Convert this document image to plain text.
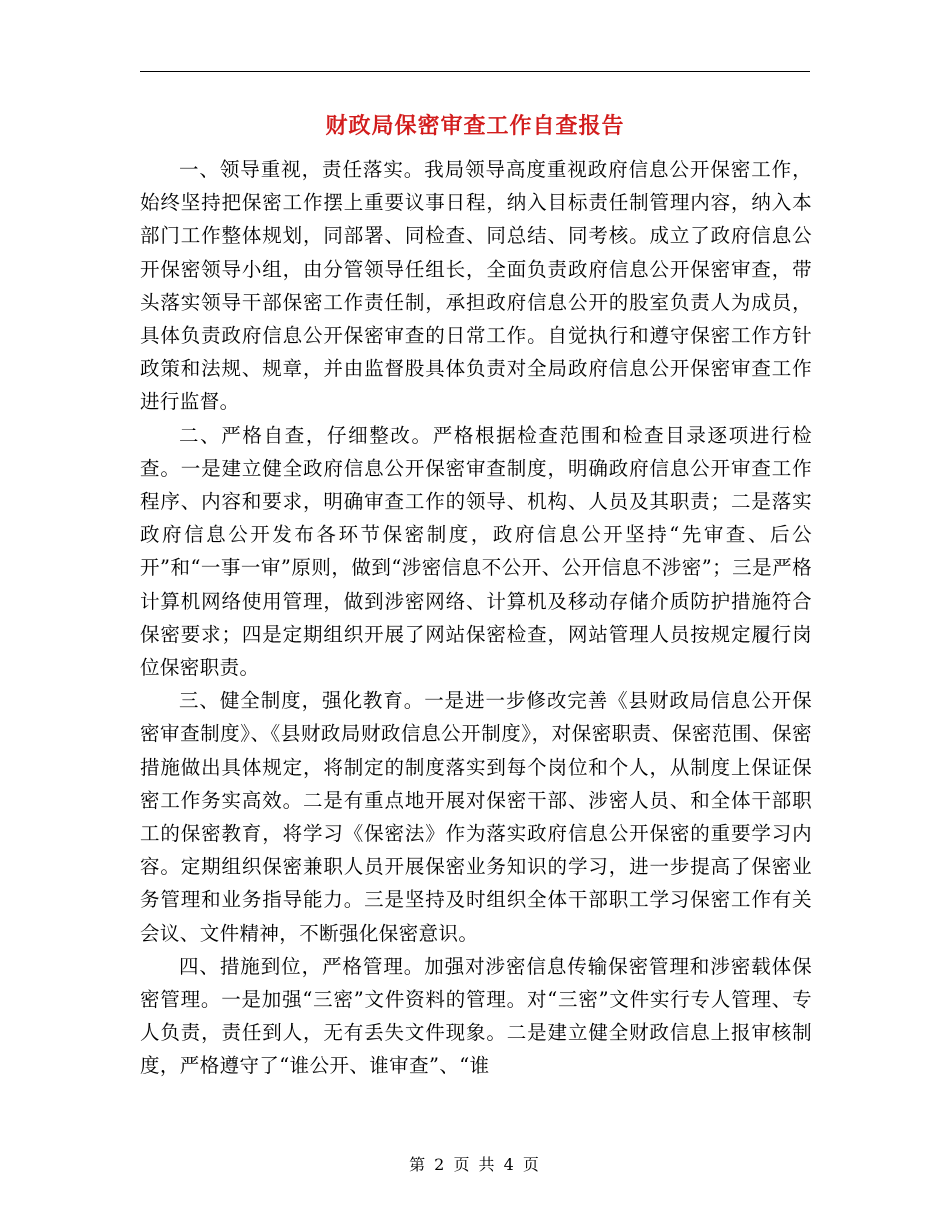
财政局保密审查工作自查报告

一、领导重视，责任落实。我局领导高度重视政府信息公开保密工作，始终坚持把保密工作摆上重要议事日程，纳入目标责任制管理内容，纳入本部门工作整体规划，同部署、同检查、同总结、同考核。成立了政府信息公开保密领导小组，由分管领导任组长，全面负责政府信息公开保密审查，带头落实领导干部保密工作责任制，承担政府信息公开的股室负责人为成员，具体负责政府信息公开保密审查的日常工作。自觉执行和遵守保密工作方针政策和法规、规章，并由监督股具体负责对全局政府信息公开保密审查工作进行监督。

二、严格自查，仔细整改。严格根据检查范围和检查目录逐项进行检查。一是建立健全政府信息公开保密审查制度，明确政府信息公开审查工作程序、内容和要求，明确审查工作的领导、机构、人员及其职责；二是落实政府信息公开发布各环节保密制度，政府信息公开坚持“先审查、后公开”和“一事一审”原则，做到“涉密信息不公开、公开信息不涉密”；三是严格计算机网络使用管理，做到涉密网络、计算机及移动存储介质防护措施符合保密要求；四是定期组织开展了网站保密检查，网站管理人员按规定履行岗位保密职责。

三、健全制度，强化教育。一是进一步修改完善《县财政局信息公开保密审查制度》、《县财政局财政信息公开制度》，对保密职责、保密范围、保密措施做出具体规定，将制定的制度落实到每个岗位和个人，从制度上保证保密工作务实高效。二是有重点地开展对保密干部、涉密人员、和全体干部职工的保密教育，将学习《保密法》作为落实政府信息公开保密的重要学习内容。定期组织保密兼职人员开展保密业务知识的学习，进一步提高了保密业务管理和业务指导能力。三是坚持及时组织全体干部职工学习保密工作有关会议、文件精神，不断强化保密意识。

四、措施到位，严格管理。加强对涉密信息传输保密管理和涉密载体保密管理。一是加强“三密”文件资料的管理。对“三密”文件实行专人管理、专人负责，责任到人，无有丢失文件现象。二是建立健全财政信息上报审核制度，严格遵守了“谁公开、谁审查”、“谁

第 2 页 共 4 页
